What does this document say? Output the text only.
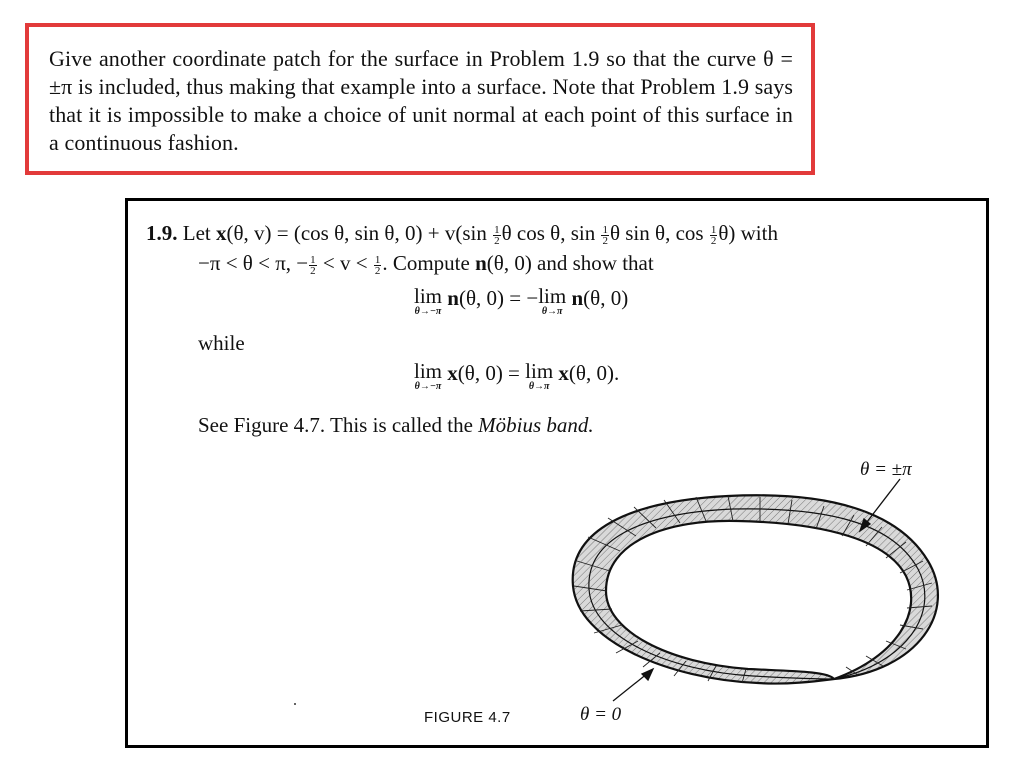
Give another coordinate patch for the surface in Problem 1.9 so that the curve θ = ±π is included, thus making that example into a surface. Note that Problem 1.9 says that it is impossible to make a choice of unit normal at each point of this surface in a continuous fashion.

1.9. Let x(θ, v) = (cos θ, sin θ, $0) + v(\sin \frac{1}{2}$ θ cos θ, $\sin \frac{1}{2}$ θ sin θ, $\cos \frac{1}{2} \theta$) with
−π < θ < π, − $\frac{1}{2} < v < \frac{1}{2}$ . Compute n(θ, 0) and show that
lim
θ→−π
n(θ, 0) = −lim
θ→π
n(θ, 0)
while
lim
θ→−π
x(θ, 0) = lim
θ→π
x(θ, 0).
See Figure 4.7. This is called the Möbius band.
θ = ±π
θ = 0
FIGURE 4.7
